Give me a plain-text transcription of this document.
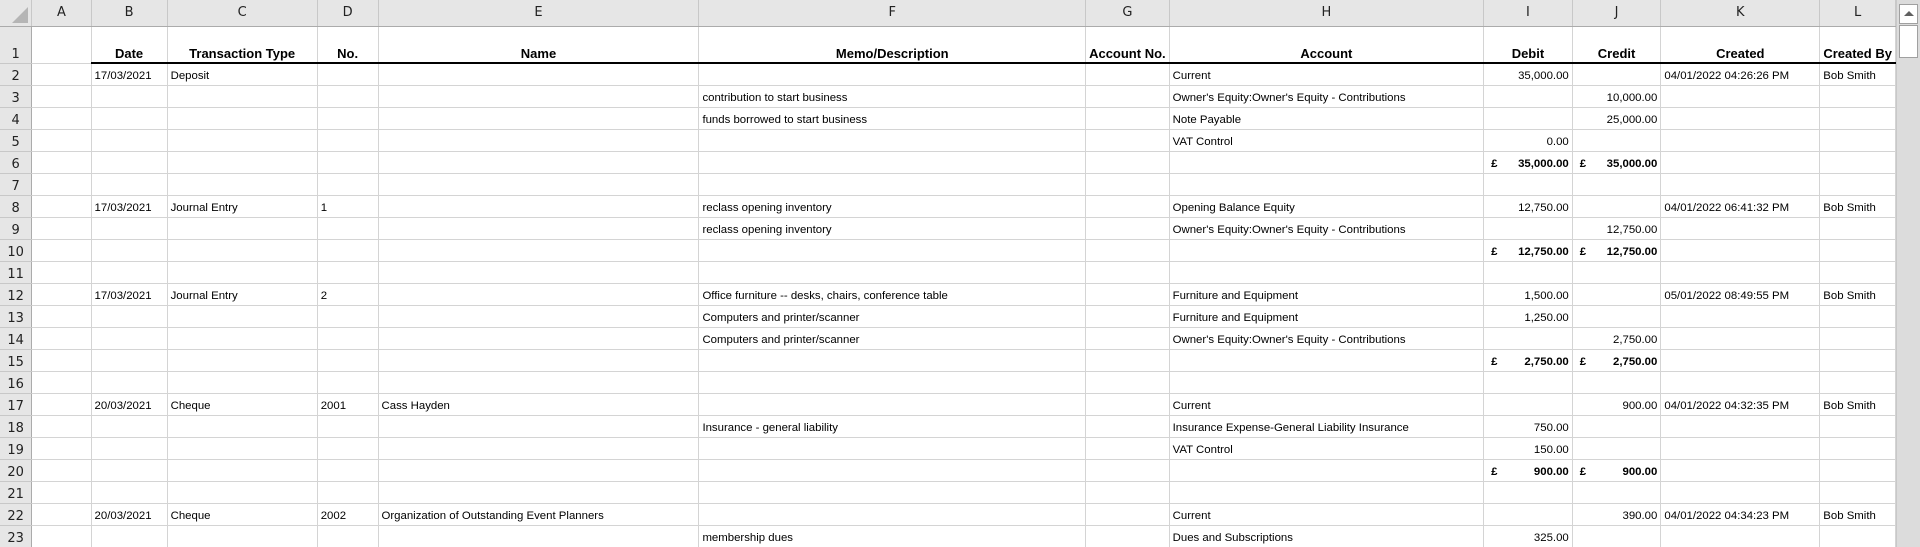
	A	B	C	D	E	F	G	H	I	J	K	L
1		Date	Transaction Type	No.	Name	Memo/Description	Account No.	Account	Debit	Credit	Created	Created By
2		17/03/2021	Deposit					Current	35,000.00		04/01/2022 04:26:26 PM	Bob Smith
3						contribution to start business		Owner's Equity:Owner's Equity - Contributions		10,000.00		
4						funds borrowed to start business		Note Payable		25,000.00		
5								VAT Control	0.00			
6									£ 35,000.00	£ 35,000.00		

7												
8		17/03/2021	Journal Entry	1		reclass opening inventory		Opening Balance Equity	12,750.00		04/01/2022 06:41:32 PM	Bob Smith
9						reclass opening inventory		Owner's Equity:Owner's Equity - Contributions		12,750.00		
10									£ 12,750.00	£ 12,750.00		

11												
12		17/03/2021	Journal Entry	2		Office furniture -- desks, chairs, conference table		Furniture and Equipment	1,500.00		05/01/2022 08:49:55 PM	Bob Smith
13						Computers and printer/scanner		Furniture and Equipment	1,250.00			
14						Computers and printer/scanner		Owner's Equity:Owner's Equity - Contributions		2,750.00		
15									£ 2,750.00	£ 2,750.00		

16												
17		20/03/2021	Cheque	2001	Cass Hayden			Current		900.00	04/01/2022 04:32:35 PM	Bob Smith
18						Insurance - general liability		Insurance Expense-General Liability Insurance	750.00			
19								VAT Control	150.00			
20									£ 900.00	£ 900.00		

21												
22		20/03/2021	Cheque	2002	Organization of Outstanding Event Planners			Current		390.00	04/01/2022 04:34:23 PM	Bob Smith
23						membership dues		Dues and Subscriptions	325.00			
